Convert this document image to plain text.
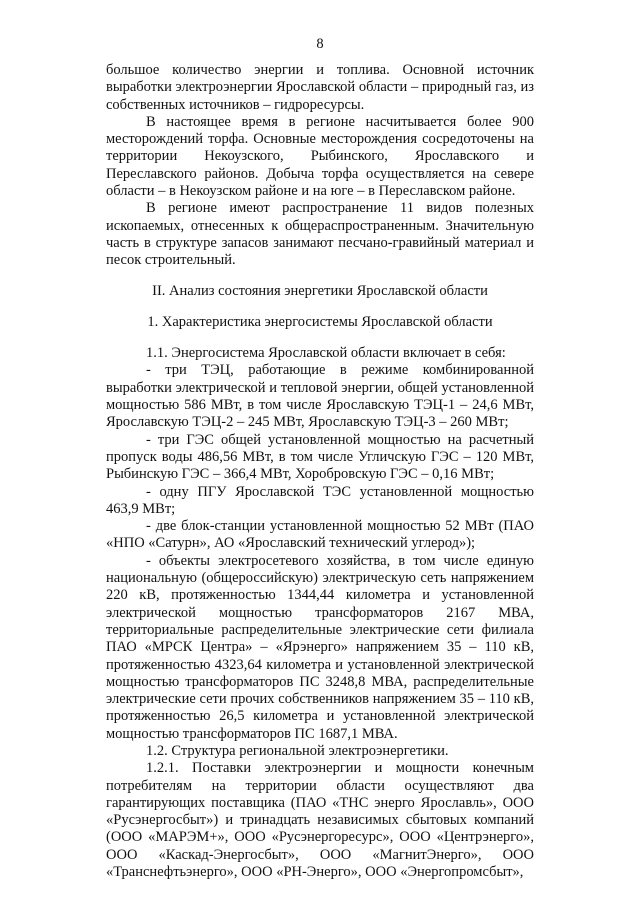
8

большое количество энергии и топлива. Основной источник выработки электроэнергии Ярославской области – природный газ, из собственных источников – гидроресурсы.

В настоящее время в регионе насчитывается более 900 месторождений торфа. Основные месторождения сосредоточены на территории Некоузского, Рыбинского, Ярославского и Переславского районов. Добыча торфа осуществляется на севере области – в Некоузском районе и на юге – в Переславском районе.

В регионе имеют распространение 11 видов полезных ископаемых, отнесенных к общераспространенным. Значительную часть в структуре запасов занимают песчано-гравийный материал и песок строительный.

II. Анализ состояния энергетики Ярославской области
1. Характеристика энергосистемы Ярославской области

1.1. Энергосистема Ярославской области включает в себя:

- три ТЭЦ, работающие в режиме комбинированной выработки электрической и тепловой энергии, общей установленной мощностью 586 МВт, в том числе Ярославскую ТЭЦ-1 – 24,6 МВт, Ярославскую ТЭЦ-2 – 245 МВт, Ярославскую ТЭЦ-3 – 260 МВт;

- три ГЭС общей установленной мощностью на расчетный пропуск воды 486,56 МВт, в том числе Угличскую ГЭС – 120 МВт, Рыбинскую ГЭС – 366,4 МВт, Хоробровскую ГЭС – 0,16 МВт;

- одну ПГУ Ярославской ТЭС установленной мощностью 463,9 МВт;

- две блок-станции установленной мощностью 52 МВт (ПАО «НПО «Сатурн», АО «Ярославский технический углерод»);

- объекты электросетевого хозяйства, в том числе единую национальную (общероссийскую) электрическую сеть напряжением 220 кВ, протяженностью 1344,44 километра и установленной электрической мощностью трансформаторов 2167 МВА, территориальные распределительные электрические сети филиала ПАО «МРСК Центра» – «Ярэнерго» напряжением 35 – 110 кВ, протяженностью 4323,64 километра и установленной электрической мощностью трансформаторов ПС 3248,8 МВА, распределительные электрические сети прочих собственников напряжением 35 – 110 кВ, протяженностью 26,5 километра и установленной электрической мощностью трансформаторов ПС 1687,1 МВА.

1.2. Структура региональной электроэнергетики.

1.2.1. Поставки электроэнергии и мощности конечным потребителям на территории области осуществляют два гарантирующих поставщика (ПАО «ТНС энерго Ярославль», ООО «Русэнергосбыт») и тринадцать независимых сбытовых компаний (ООО «МАРЭМ+», ООО «Русэнергоресурс», ООО «Центрэнерго», ООО «Каскад-Энергосбыт», ООО «МагнитЭнерго», ООО «Транснефтьэнерго», ООО «РН-Энерго», ООО «Энергопромсбыт»,
